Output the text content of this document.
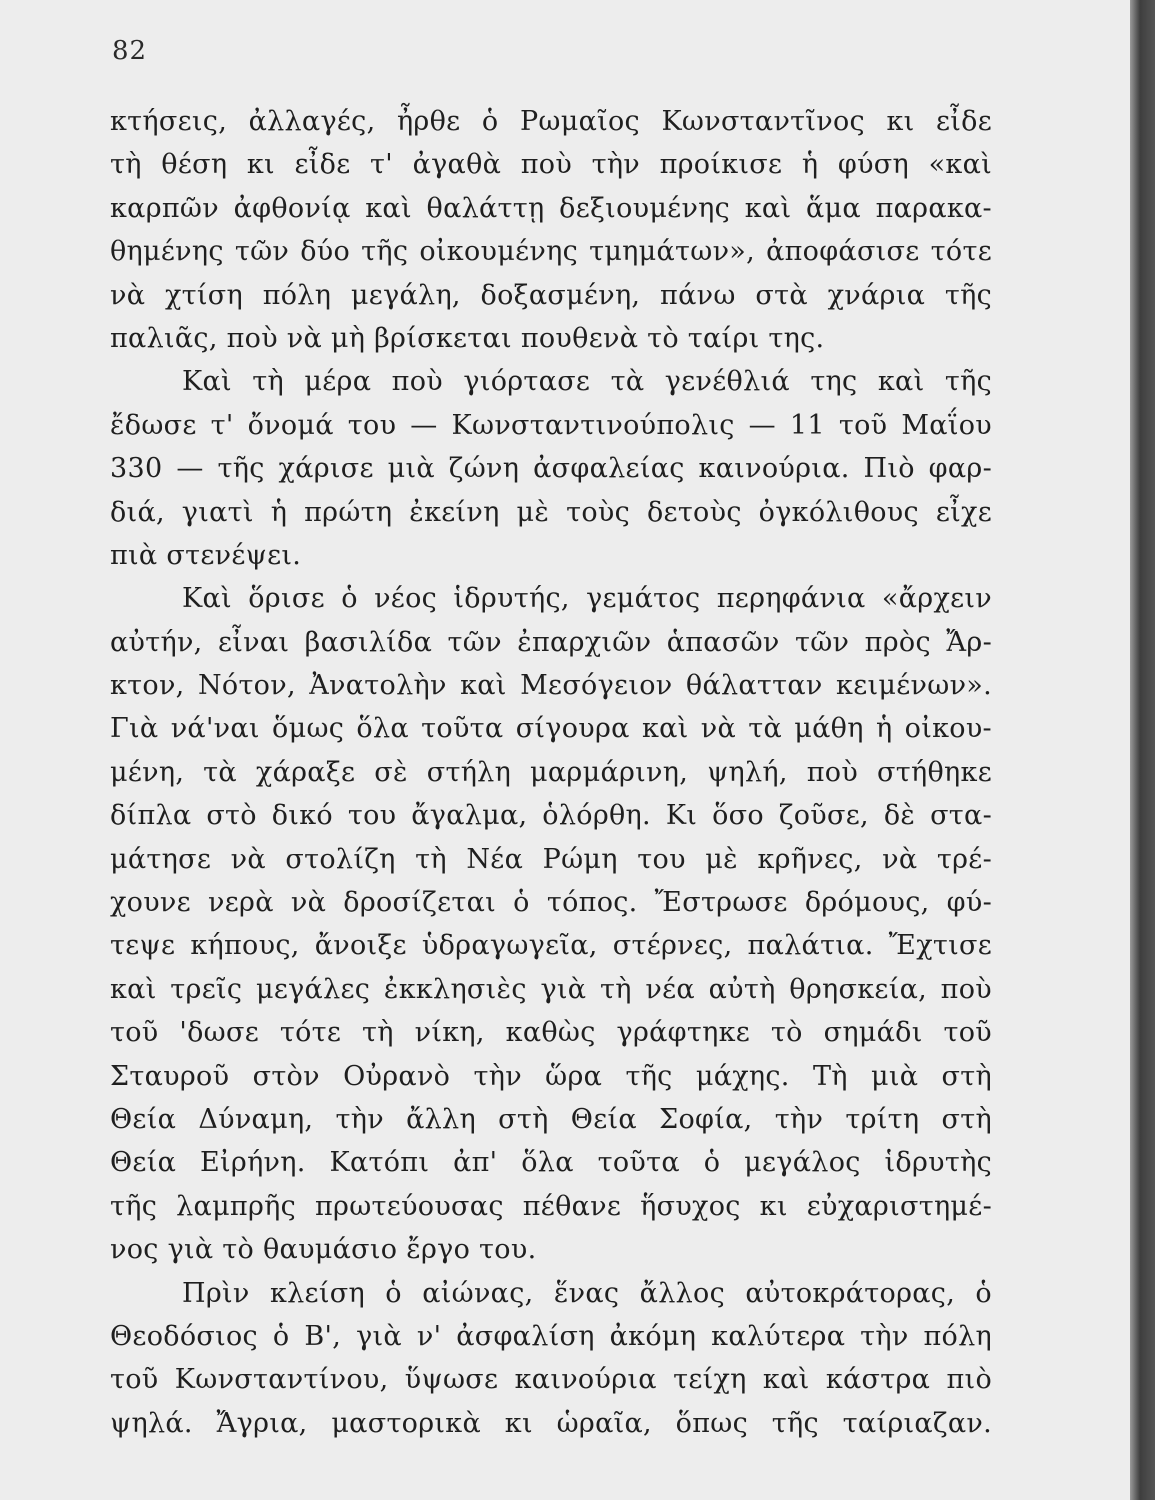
82
κτήσεις, ἀλλαγές, ἦρθε ὁ Ρωμαῖος Κωνσταντῖνος κι εἶδε
τὴ θέση κι εἶδε τ' ἀγαθὰ ποὺ τὴν προίκισε ἡ φύση «καὶ
καρπῶν ἀφθονίᾳ καὶ θαλάττῃ δεξιουμένης καὶ ἅμα παρακα-
θημένης τῶν δύο τῆς οἰκουμένης τμημάτων», ἀποφάσισε τότε
νὰ χτίση πόλη μεγάλη, δοξασμένη, πάνω στὰ χνάρια τῆς
παλιᾶς, ποὺ νὰ μὴ βρίσκεται πουθενὰ τὸ ταίρι της.
Καὶ τὴ μέρα ποὺ γιόρτασε τὰ γενέθλιά της καὶ τῆς
ἔδωσε τ' ὄνομά του — Κωνσταντινούπολις — 11 τοῦ Μαΐου
330 — τῆς χάρισε μιὰ ζώνη ἀσφαλείας καινούρια. Πιὸ φαρ-
διά, γιατὶ ἡ πρώτη ἐκείνη μὲ τοὺς δετοὺς ὀγκόλιθους εἶχε
πιὰ στενέψει.
Καὶ ὅρισε ὁ νέος ἱδρυτής, γεμάτος περηφάνια «ἄρχειν
αὐτήν, εἶναι βασιλίδα τῶν ἐπαρχιῶν ἁπασῶν τῶν πρὸς Ἄρ-
κτον, Νότον, Ἀνατολὴν καὶ Μεσόγειον θάλατταν κειμένων».
Γιὰ νά'ναι ὅμως ὅλα τοῦτα σίγουρα καὶ νὰ τὰ μάθη ἡ οἰκου-
μένη, τὰ χάραξε σὲ στήλη μαρμάρινη, ψηλή, ποὺ στήθηκε
δίπλα στὸ δικό του ἄγαλμα, ὁλόρθη. Κι ὅσο ζοῦσε, δὲ στα-
μάτησε νὰ στολίζη τὴ Νέα Ρώμη του μὲ κρῆνες, νὰ τρέ-
χουνε νερὰ νὰ δροσίζεται ὁ τόπος. Ἔστρωσε δρόμους, φύ-
τεψε κήπους, ἄνοιξε ὑδραγωγεῖα, στέρνες, παλάτια. Ἔχτισε
καὶ τρεῖς μεγάλες ἐκκλησιὲς γιὰ τὴ νέα αὐτὴ θρησκεία, ποὺ
τοῦ 'δωσε τότε τὴ νίκη, καθὼς γράφτηκε τὸ σημάδι τοῦ
Σταυροῦ στὸν Οὐρανὸ τὴν ὥρα τῆς μάχης. Τὴ μιὰ στὴ
Θεία Δύναμη, τὴν ἄλλη στὴ Θεία Σοφία, τὴν τρίτη στὴ
Θεία Εἰρήνη. Κατόπι ἀπ' ὅλα τοῦτα ὁ μεγάλος ἱδρυτὴς
τῆς λαμπρῆς πρωτεύουσας πέθανε ἥσυχος κι εὐχαριστημέ-
νος γιὰ τὸ θαυμάσιο ἔργο του.
Πρὶν κλείση ὁ αἰώνας, ἕνας ἄλλος αὐτοκράτορας, ὁ
Θεοδόσιος ὁ Β', γιὰ ν' ἀσφαλίση ἀκόμη καλύτερα τὴν πόλη
τοῦ Κωνσταντίνου, ὕψωσε καινούρια τείχη καὶ κάστρα πιὸ
ψηλά. Ἄγρια, μαστορικὰ κι ὡραῖα, ὅπως τῆς ταίριαζαν.
